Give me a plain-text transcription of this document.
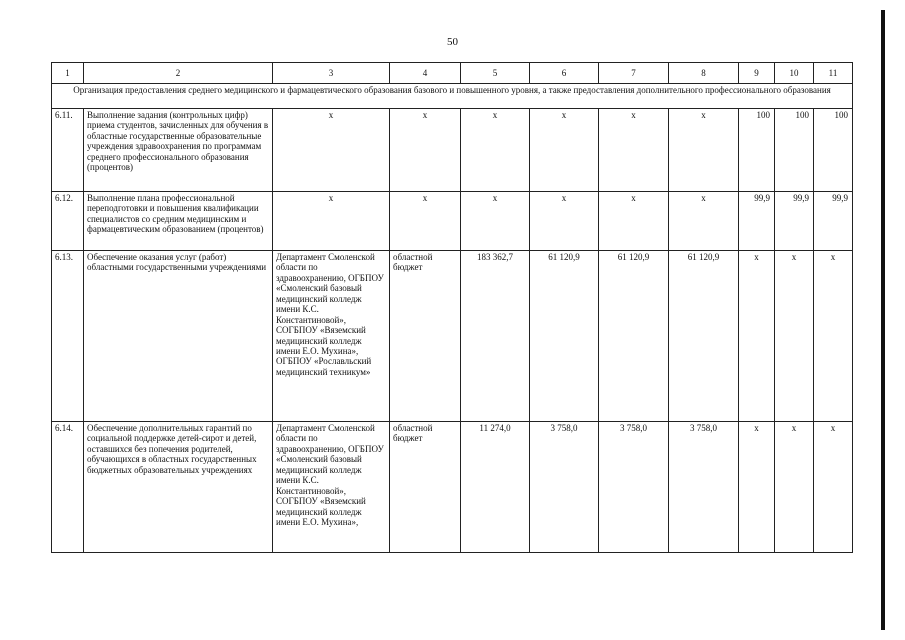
50
1	2	3	4	5	6	7	8	9	10	11
Организация предоставления среднего медицинского и фармацевтического образования базового и повышенного уровня, а также предоставления дополнительного профессионального образования										
6.11.	Выполнение задания (контрольных цифр) приема студентов, зачисленных для обучения в областные государственные образовательные учреждения здравоохранения по программам среднего профессионального образования (процентов)	x	x	x	x	x	x	100	100	100
6.12.	Выполнение плана профессиональной переподготовки и повышения квалификации специалистов со средним медицинским и фармацевтическим образованием (процентов)	x	x	x	x	x	x	99,9	99,9	99,9
6.13.	Обеспечение оказания услуг (работ) областными государственными учреждениями	Департамент Смоленской области по здравоохранению, ОГБПОУ «Смоленский базовый медицинский колледж имени К.С. Константиновой», СОГБПОУ «Вяземский медицинский колледж имени Е.О. Мухина», ОГБПОУ «Рославльский медицинский техникум»	областной бюджет	183 362,7	61 120,9	61 120,9	61 120,9	x	x	x
6.14.	Обеспечение дополнительных гарантий по социальной поддержке детей-сирот и детей, оставшихся без попечения родителей, обучающихся в областных государственных бюджетных образовательных учреждениях	Департамент Смоленской области по здравоохранению, ОГБПОУ «Смоленский базовый медицинский колледж имени К.С. Константиновой», СОГБПОУ «Вяземский медицинский колледж имени Е.О. Мухина»,	областной бюджет	11 274,0	3 758,0	3 758,0	3 758,0	x	x	x
